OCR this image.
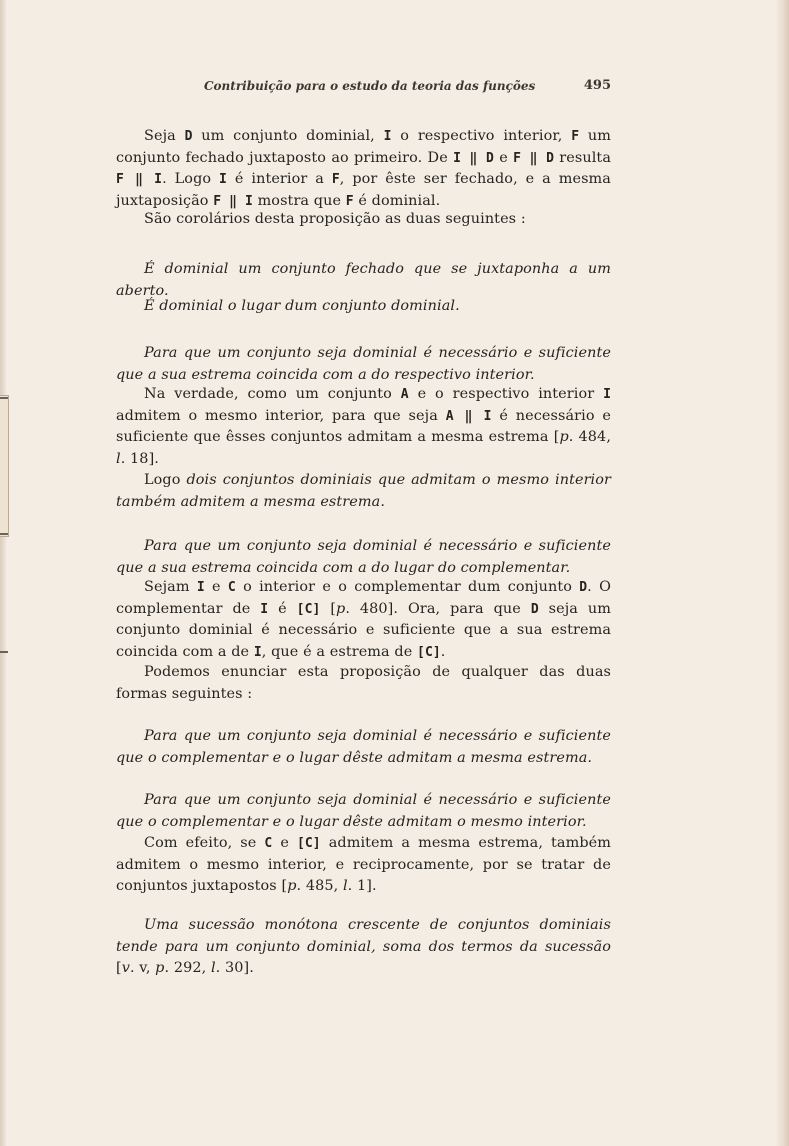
Contribuição para o estudo da teoria das funções	495

Seja D um conjunto dominial, I o respectivo interior, F um conjunto fechado juxtaposto ao primeiro. De I ‖ D e F ‖ D resulta F ‖ I. Logo I é interior a F, por êste ser fechado, e a mesma juxtaposição F ‖ I mostra que F é dominial.

São corolários desta proposição as duas seguintes :

É dominial um conjunto fechado que se juxtaponha a um aberto.

É dominial o lugar dum conjunto dominial.

Para que um conjunto seja dominial é necessário e suficiente que a sua estrema coincida com a do respectivo interior.

Na verdade, como um conjunto A e o respectivo interior I admitem o mesmo interior, para que seja A ‖ I é necessário e suficiente que êsses conjuntos admitam a mesma estrema [p. 484, l. 18].

Logo dois conjuntos dominiais que admitam o mesmo interior também admitem a mesma estrema.

Para que um conjunto seja dominial é necessário e suficiente que a sua estrema coincida com a do lugar do complementar.

Sejam I e C o interior e o complementar dum conjunto D. O complementar de I é [C] [p. 480]. Ora, para que D seja um conjunto dominial é necessário e suficiente que a sua estrema coincida com a de I, que é a estrema de [C].

Podemos enunciar esta proposição de qualquer das duas formas seguintes :

Para que um conjunto seja dominial é necessário e suficiente que o complementar e o lugar dêste admitam a mesma estrema.

Para que um conjunto seja dominial é necessário e suficiente que o complementar e o lugar dêste admitam o mesmo interior.

Com efeito, se C e [C] admitem a mesma estrema, também admitem o mesmo interior, e reciprocamente, por se tratar de conjuntos juxtapostos [p. 485, l. 1].

Uma sucessão monótona crescente de conjuntos dominiais tende para um conjunto dominial, soma dos termos da sucessão [v. v, p. 292, l. 30].
